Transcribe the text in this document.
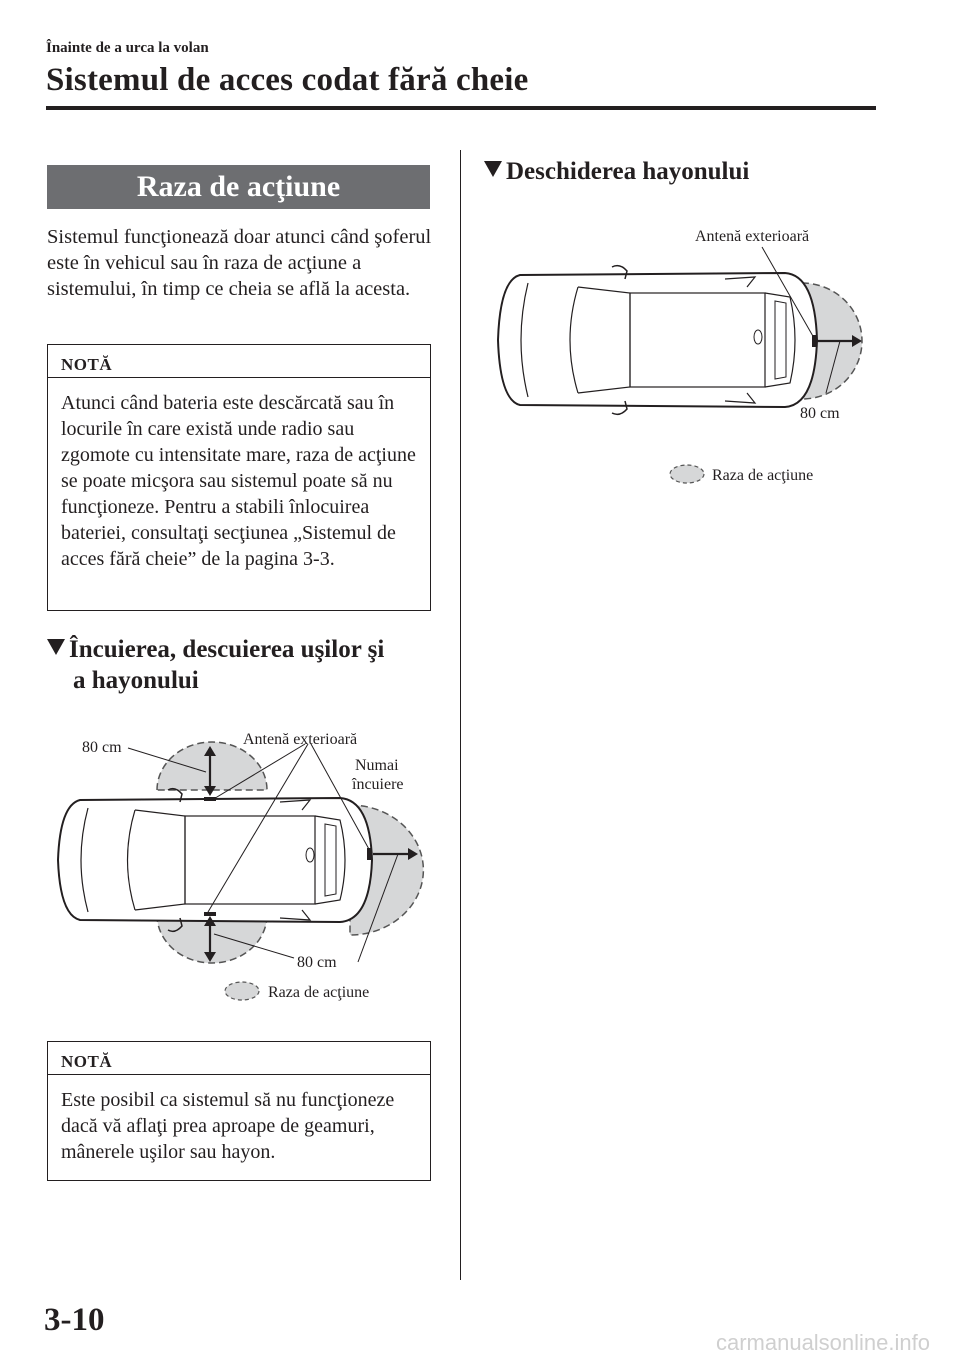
Înainte de a urca la volan
Sistemul de acces codat fără cheie
Raza de acţiune
Sistemul funcţionează doar atunci când şoferul este în vehicul sau în raza de acţiune a sistemului, în timp ce cheia se află la acesta.
NOTĂ
Atunci când bateria este descărcată sau în locurile în care există unde radio sau zgomote cu intensitate mare, raza de acţiune se poate micşora sau sistemul poate să nu funcţioneze. Pentru a stabili înlocuirea bateriei, consultaţi secţiunea „Sistemul de acces fără cheie” de la pagina 3-3.
Încuierea, descuierea uşilor şi
a hayonului
80 cm	Antenă exterioară
Numai
încuiere
80 cm
Raza de acţiune
NOTĂ
Este posibil ca sistemul să nu funcţioneze dacă vă aflaţi prea aproape de geamuri, mânerele uşilor sau hayon.
Deschiderea hayonului
Antenă exterioară
80 cm
Raza de acţiune
3-10
carmanualsonline.info
